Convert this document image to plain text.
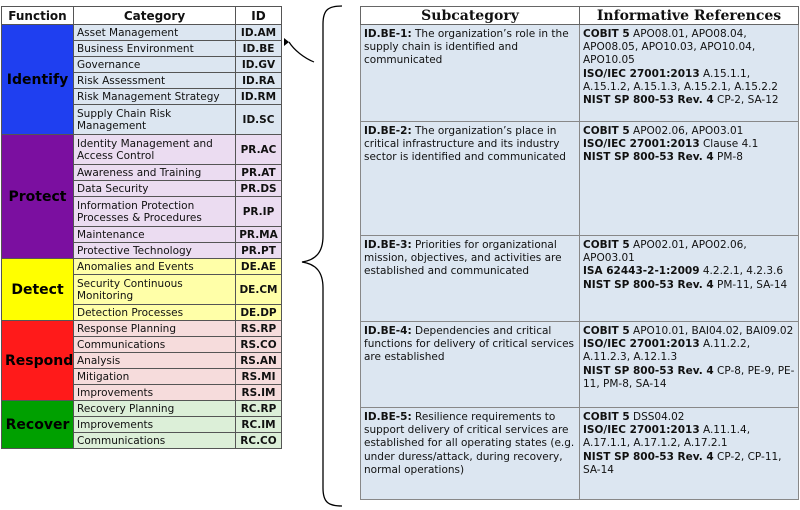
Function	Category	ID
Identify	Asset Management	ID.AM
	Business Environment	ID.BE
	Governance	ID.GV
	Risk Assessment	ID.RA
	Risk Management Strategy	ID.RM
	Supply Chain Risk Management	ID.SC
Protect	Identity Management and Access Control	PR.AC
	Awareness and Training	PR.AT
	Data Security	PR.DS
	Information Protection Processes & Procedures	PR.IP
	Maintenance	PR.MA
	Protective Technology	PR.PT
Detect	Anomalies and Events	DE.AE
	Security Continuous Monitoring	DE.CM
	Detection Processes	DE.DP
Respond	Response Planning	RS.RP
	Communications	RS.CO
	Analysis	RS.AN
	Mitigation	RS.MI
	Improvements	RS.IM
Recover	Recovery Planning	RC.RP
	Improvements	RC.IM
	Communications	RC.CO
Subcategory	Informative References
ID.BE-1: The organization’s role in the supply chain is identified and communicated	COBIT 5 APO08.01, APO08.04, APO08.05, APO10.03, APO10.04, APO10.05
ISO/IEC 27001:2013 A.15.1.1, A.15.1.2, A.15.1.3, A.15.2.1, A.15.2.2
NIST SP 800-53 Rev. 4 CP-2, SA-12

ID.BE-2: The organization’s place in critical infrastructure and its industry sector is identified and communicated	COBIT 5 APO02.06, APO03.01
ISO/IEC 27001:2013 Clause 4.1
NIST SP 800-53 Rev. 4 PM-8

ID.BE-3: Priorities for organizational mission, objectives, and activities are established and communicated	COBIT 5 APO02.01, APO02.06, APO03.01
ISA 62443-2-1:2009 4.2.2.1, 4.2.3.6
NIST SP 800-53 Rev. 4 PM-11, SA-14

ID.BE-4: Dependencies and critical functions for delivery of critical services are established	COBIT 5 APO10.01, BAI04.02, BAI09.02
ISO/IEC 27001:2013 A.11.2.2, A.11.2.3, A.12.1.3
NIST SP 800-53 Rev. 4 CP-8, PE-9, PE-11, PM-8, SA-14

ID.BE-5: Resilience requirements to support delivery of critical services are established for all operating states (e.g. under duress/attack, during recovery, normal operations)	COBIT 5 DSS04.02
ISO/IEC 27001:2013 A.11.1.4, A.17.1.1, A.17.1.2, A.17.2.1
NIST SP 800-53 Rev. 4 CP-2, CP-11, SA-14
